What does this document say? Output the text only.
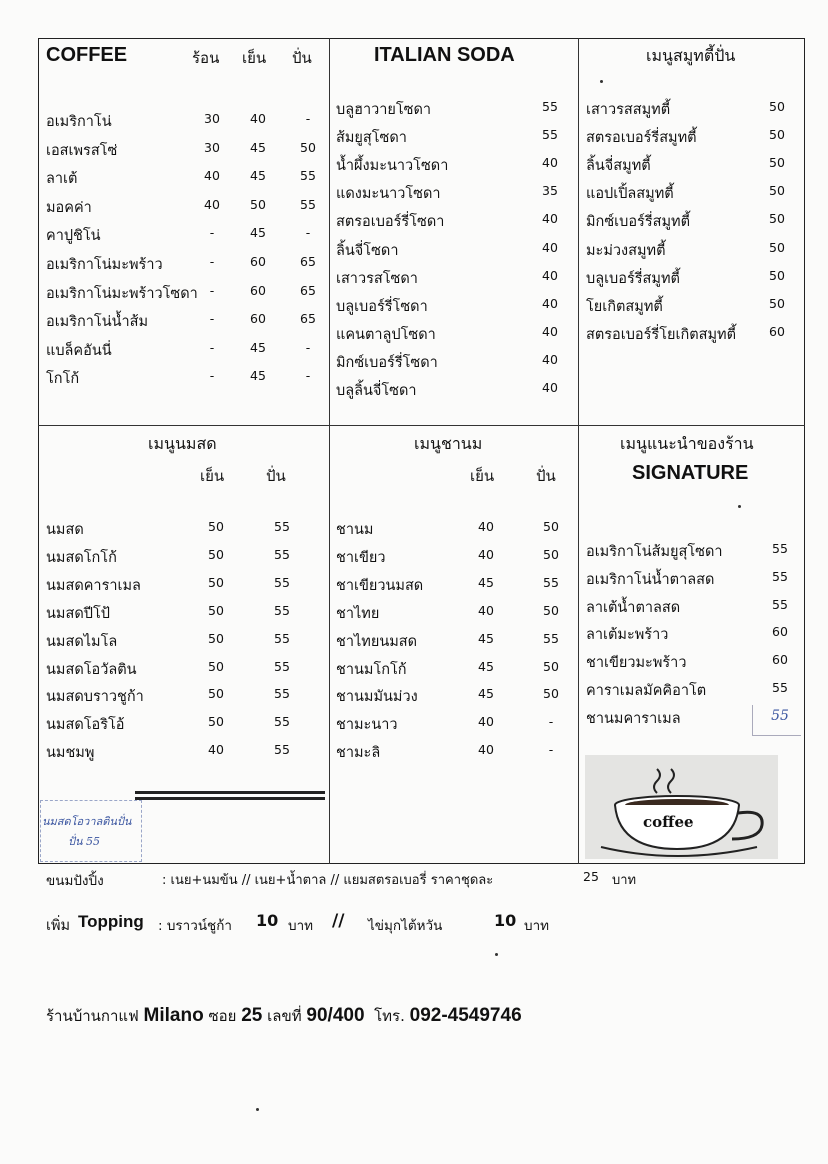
COFFEE	ร้อน เย็น ปั่น
อเมริกาโน่	30	40	-
เอสเพรสโซ่	30	45	50
ลาเต้	40	45	55
มอคค่า	40	50	55
คาปูชิโน่	-	45	-
อเมริกาโน่มะพร้าว	-	60	65
อเมริกาโน่มะพร้าวโซดา -	60	65
อเมริกาโน่น้ำส้ม	-	60	65
แบล็คอันนี่	-	45	-
โกโก้	-	45	-
ITALIAN SODA
บลูฮาวายโซดา	55
ส้มยูสุโซดา	55
น้ำผึ้งมะนาวโซดา	40
แดงมะนาวโซดา	35
สตรอเบอร์รี่โซดา	40
ลิ้นจี่โซดา	40
เสาวรสโซดา	40
บลูเบอร์รี่โซดา	40
แคนตาลูปโซดา	40
มิกซ์เบอร์รี่โซดา	40
บลูลิ้นจี่โซดา	40
เมนูสมูทตี้ปั่น
เสาวรสสมูทตี้	50
สตรอเบอร์รี่สมูทตี้	50
ลิ้นจี่สมูทตี้	50
แอปเปิ้ลสมูทตี้	50
มิกซ์เบอร์รี่สมูทตี้	50
มะม่วงสมูทตี้	50
บลูเบอร์รี่สมูทตี้	50
โยเกิตสมูทตี้	50
สตรอเบอร์รี่โยเกิตสมูทตี้	60
เมนูนมสด
เย็น	ปั่น
นมสด	50	55
นมสดโกโก้	50	55
นมสดคาราเมล	50	55
นมสดปีโป้	50	55
นมสดไมโล	50	55
นมสดโอวัลติน	50	55
นมสดบราวชูก้า	50	55
นมสดโอริโอ้	50	55
นมชมพู	40	55
นมสดโอวาลตินปั่น
ปั่น 55
เมนูชานม
เย็น	ปั่น
ชานม	40	50
ชาเขียว	40	50
ชาเขียวนมสด	45	55
ชาไทย	40	50
ชาไทยนมสด	45	55
ชานมโกโก้	45	50
ชานมมันม่วง	45	50
ชามะนาว	40	-
ชามะลิ	40	-
เมนูแนะนำของร้าน
SIGNATURE
อเมริกาโน่ส้มยูสุโซดา	55
อเมริกาโน่น้ำตาลสด	55
ลาเต้น้ำตาลสด	55
ลาเต้มะพร้าว	60
ชาเขียวมะพร้าว	60
คาราเมลมัคคิอาโต	55
ชานมคาราเมล	55
coffee
ขนมปังปิ้ง	: เนย+นมข้น // เนย+น้ำตาล // แยมสตรอเบอรี่ ราคาชุดละ	25 บาท
เพิ่ม Topping : บราวน์ชูก้า 10 บาท // ไข่มุกไต้หวัน	10 บาท
ร้านบ้านกาแฟ Milano ซอย 25 เลขที่ 90/400 โทร. 092-4549746
